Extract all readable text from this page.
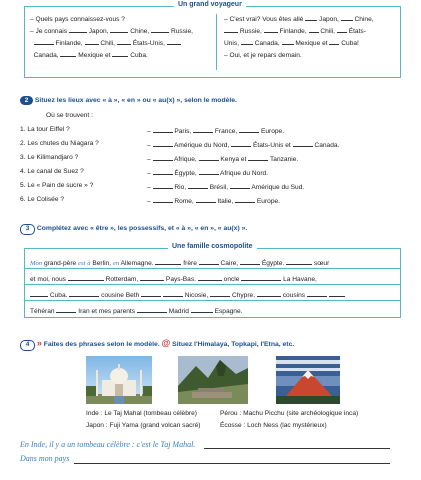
Un grand voyageur
– Quels pays connaissez-vous ?
– Je connais	Japon,	Chine,	Russie,
Finlande,	Chili,	États-Unis,
Canada,	Mexique et	Cuba.
– C'est vrai? Vous êtes allé Japon, Chine,
Russie,	Finlande, Chili, États-
Unis, Canada, Mexique et Cuba!
– Oui, et je repars demain.
2 Situez les lieux avec « à », « en » ou « au(x) », selon le modèle.
Où se trouvent :
1. La tour Eiffel ?	–	Paris,	France,	Europe.
2. Les chutes du Niagara ?	–	Amérique du Nord,	États-Unis et	Canada.
3. Le Kilimandjaro ?	–	Afrique,	Kenya et	Tanzanie.
4. Le canal de Suez ?	–	Égypte,	Afrique du Nord.
5. Le « Pain de sucre » ?	–	Rio,	Brésil,	Amérique du Sud.
6. Le Colisée ?	–	Rome,	Italie,	Europe.
3 Complétez avec « être », les possessifs, et « à », « en », « au(x) ».
Une famille cosmopolite
Mon grand-père est à Berlin, en Allemagne.	frère	Caire,	Égypte.	sœur
et moi, nous	Rotterdam,	Pays-Bas.	oncle	La Havane,
Cuba.	cousine Beth	Nicosie,	Chypre,	cousins
Téhéran	Iran et mes parents	Madrid	Espagne.
4 » Faites des phrases selon le modèle. @ Situez l'Himalaya, Topkapi, l'Etna, etc.
Inde : Le Taj Mahal (tombeau célèbre)	Pérou : Machu Picchu (site archéologique inca)
Japon : Fuji Yama (grand volcan sacré)	Écosse : Loch Ness (lac mystérieux)
En Inde, il y a un tombeau célèbre : c'est le Taj Mahal.
Dans mon pays
